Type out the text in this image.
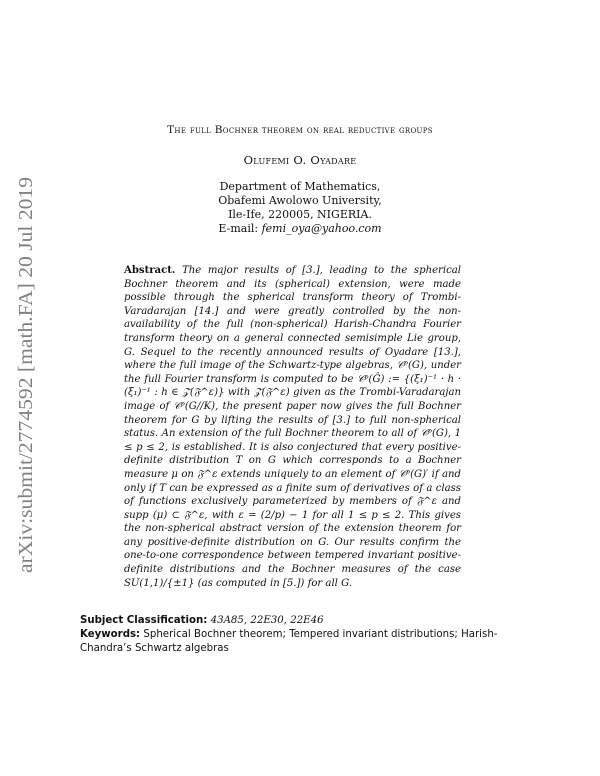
arXiv:submit/2774592 [math.FA] 20 Jul 2019
The full Bochner theorem on real reductive groups
Olufemi O. Oyadare
Department of Mathematics,
Obafemi Awolowo University,
Ile-Ife, 220005, NIGERIA.
E-mail: femi_oya@yahoo.com
Abstract. The major results of [3.], leading to the spherical Bochner theorem and its (spherical) extension, were made possible through the spherical transform theory of Trombi-Varadarajan [14.] and were greatly controlled by the non-availability of the full (non-spherical) Harish-Chandra Fourier transform theory on a general connected semisimple Lie group, G. Sequel to the recently announced results of Oyadare [13.], where the full image of the Schwartz-type algebras, 𝒞ᵖ(G), under the full Fourier transform is computed to be 𝒞ᵖ(Ĝ) := {(ξ₁)⁻¹ · h · (ξ₁)⁻¹ : h ∈ 𝒵(𝔉^ε)} with 𝒵(𝔉^ε) given as the Trombi-Varadarajan image of 𝒞ᵖ(G//K), the present paper now gives the full Bochner theorem for G by lifting the results of [3.] to full non-spherical status. An extension of the full Bochner theorem to all of 𝒞ᵖ(G), 1 ≤ p ≤ 2, is established. It is also conjectured that every positive-definite distribution T on G which corresponds to a Bochner measure μ on 𝔉^ε extends uniquely to an element of 𝒞ᵖ(G)′ if and only if T can be expressed as a finite sum of derivatives of a class of functions exclusively parameterized by members of 𝔉^ε and supp (μ) ⊂ 𝔉^ε, with ε = (2/p) − 1 for all 1 ≤ p ≤ 2. This gives the non-spherical abstract version of the extension theorem for any positive-definite distribution on G. Our results confirm the one-to-one correspondence between tempered invariant positive-definite distributions and the Bochner measures of the case SU(1,1)/{±1} (as computed in [5.]) for all G.
Subject Classification: 43A85, 22E30, 22E46
Keywords: Spherical Bochner theorem; Tempered invariant distributions; Harish-Chandra’s Schwartz algebras
